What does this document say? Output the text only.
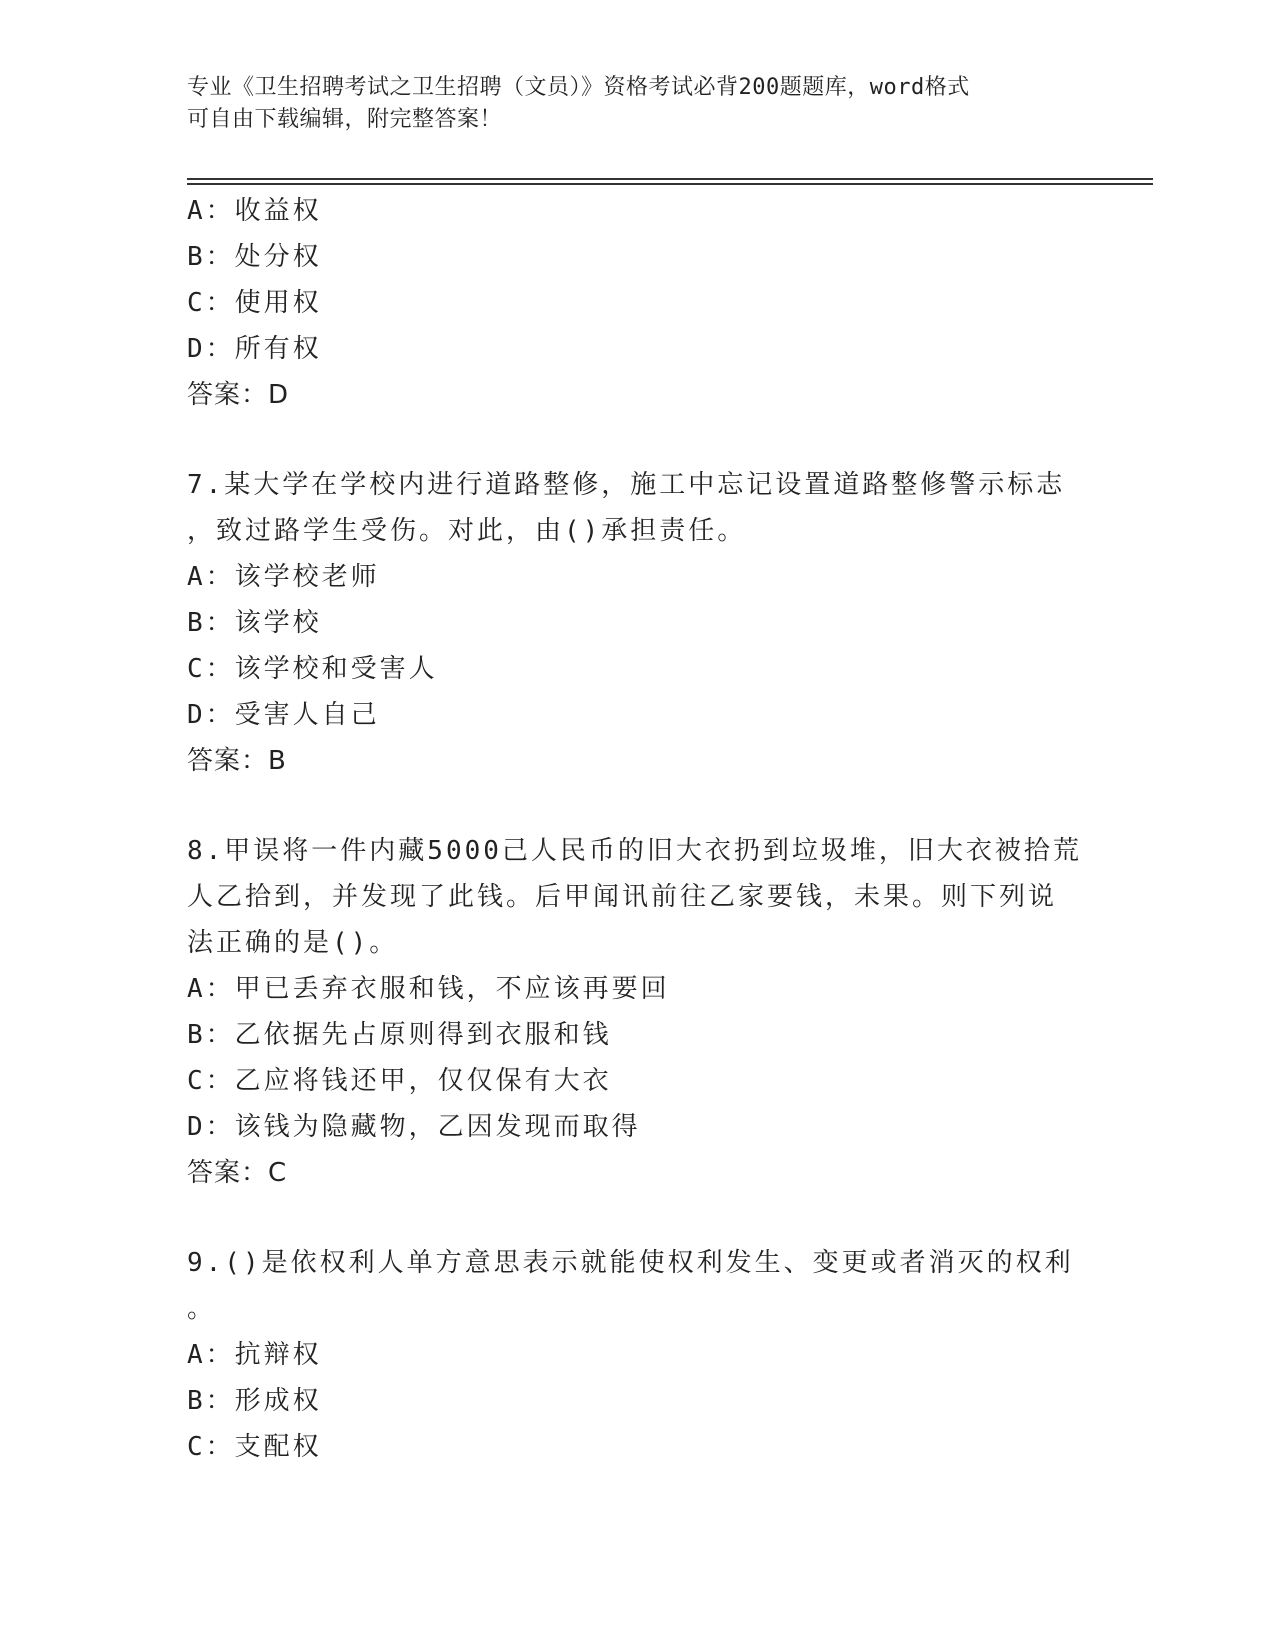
专业《卫生招聘考试之卫生招聘（文员）》资格考试必背200题题库，word格式
可自由下载编辑，附完整答案！
A：收益权
B：处分权
C：使用权
D：所有权
答案：D
7.某大学在学校内进行道路整修，施工中忘记设置道路整修警示标志
，致过路学生受伤。对此，由()承担责任。
A：该学校老师
B：该学校
C：该学校和受害人
D：受害人自己
答案：B
8.甲误将一件内藏5000己人民币的旧大衣扔到垃圾堆，旧大衣被拾荒
人乙拾到，并发现了此钱。后甲闻讯前往乙家要钱，未果。则下列说
法正确的是()。
A：甲已丢弃衣服和钱，不应该再要回
B：乙依据先占原则得到衣服和钱
C：乙应将钱还甲，仅仅保有大衣
D：该钱为隐藏物，乙因发现而取得
答案：C
9.()是依权利人单方意思表示就能使权利发生、变更或者消灭的权利
。
A：抗辩权
B：形成权
C：支配权
